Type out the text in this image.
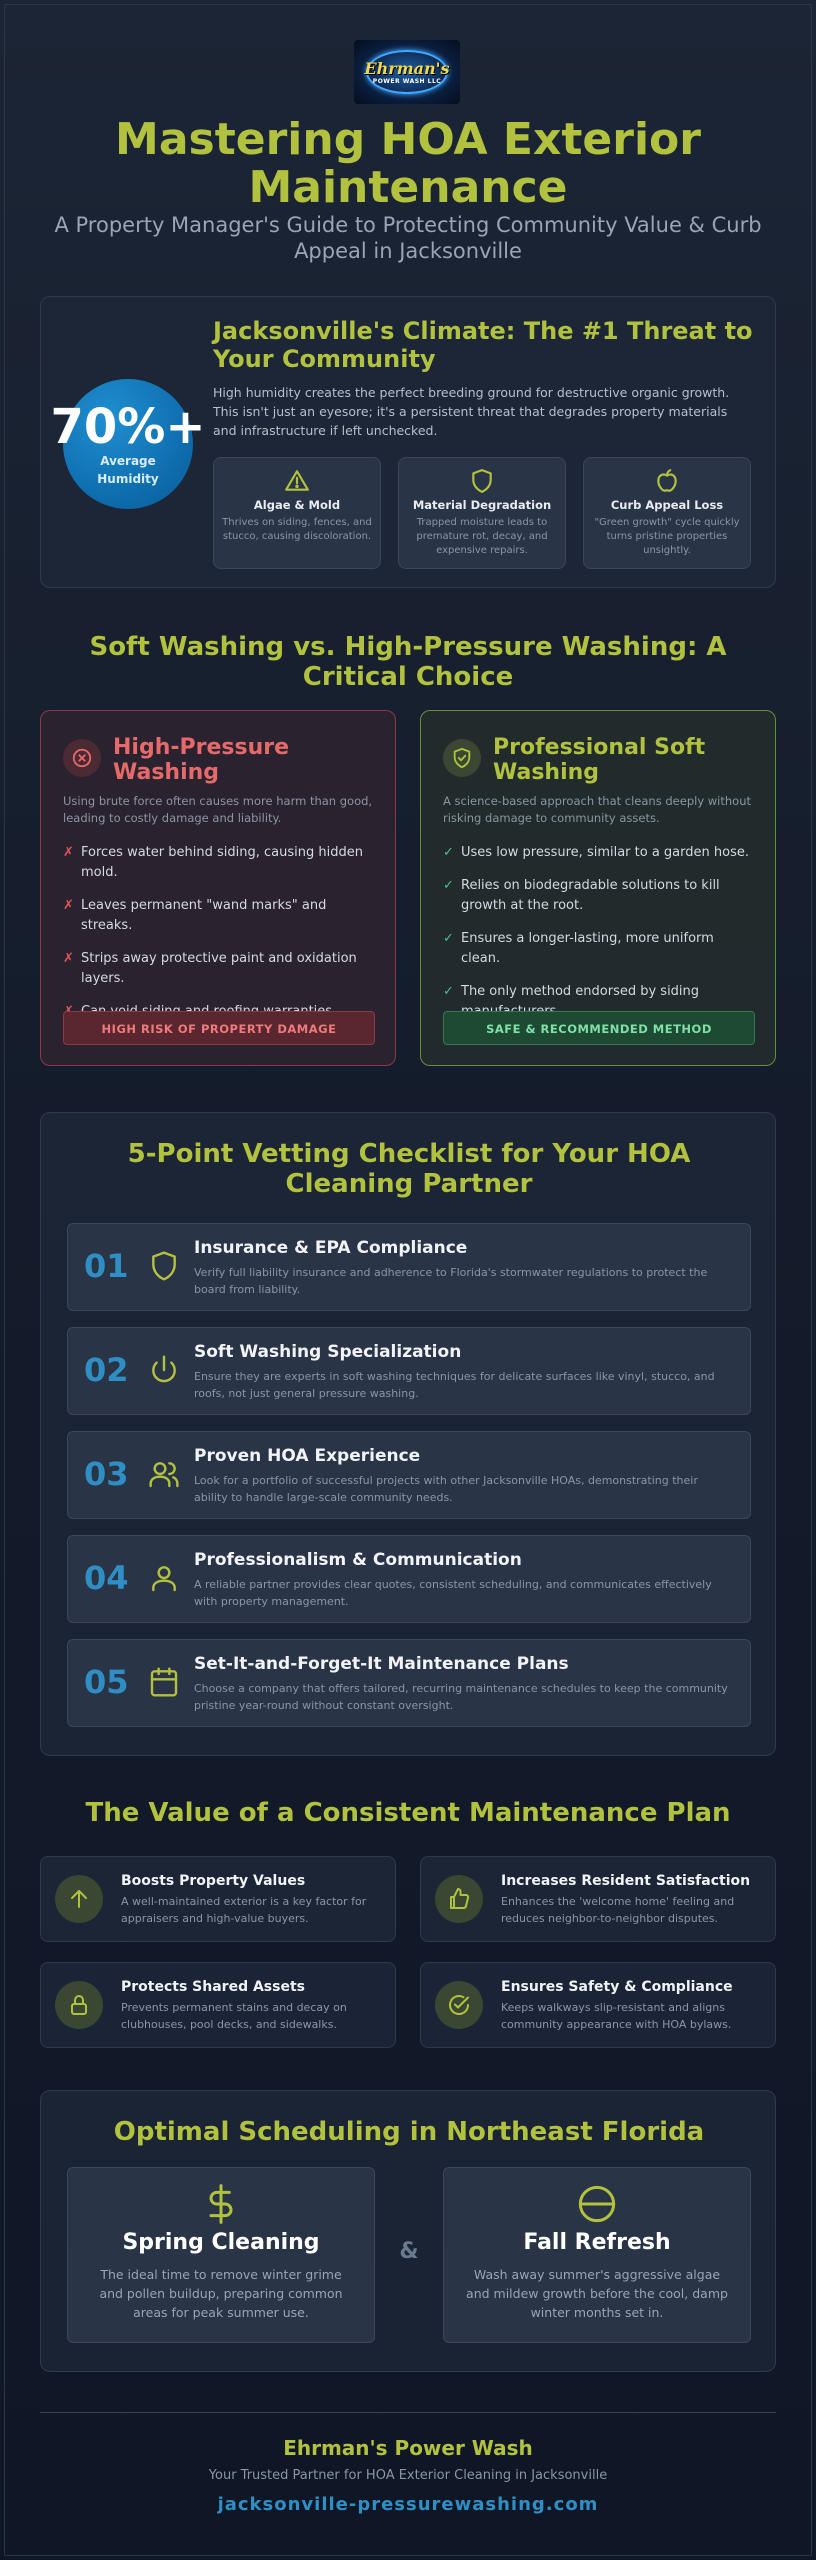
Ehrman's
POWER WASH LLC
Mastering HOA Exterior Maintenance

A Property Manager's Guide to Protecting Community Value & Curb Appeal in Jacksonville

70%+
Average Humidity
Jacksonville's Climate: The #1 Threat to Your Community

High humidity creates the perfect breeding ground for destructive organic growth. This isn't just an eyesore; it's a persistent threat that degrades property materials and infrastructure if left unchecked.

Algae & Mold
Thrives on siding, fences, and stucco, causing discoloration.
Material Degradation
Trapped moisture leads to premature rot, decay, and expensive repairs.
Curb Appeal Loss
"Green growth" cycle quickly turns pristine properties unsightly.
Soft Washing vs. High-Pressure Washing: A Critical Choice
High-Pressure Washing

Using brute force often causes more harm than good, leading to costly damage and liability.

✗ Forces water behind siding, causing hidden mold.
✗ Leaves permanent "wand marks" and streaks.
✗ Strips away protective paint and oxidation layers.
HIGH RISK OF PROPERTY DAMAGE
Professional Soft Washing

A science-based approach that cleans deeply without risking damage to community assets.

✓ Uses low pressure, similar to a garden hose.
✓ Relies on biodegradable solutions to kill growth at the root.
✓ Ensures a longer-lasting, more uniform clean.
✓ The only method endorsed by siding
SAFE & RECOMMENDED METHOD
5-Point Vetting Checklist for Your HOA Cleaning Partner
01	Insurance & EPA Compliance
Verify full liability insurance and adherence to Florida's stormwater regulations to protect the board from liability.
02	Soft Washing Specialization
Ensure they are experts in soft washing techniques for delicate surfaces like vinyl, stucco, and roofs, not just general pressure washing.
03	Proven HOA Experience
Look for a portfolio of successful projects with other Jacksonville HOAs, demonstrating their ability to handle large-scale community needs.
04	Professionalism & Communication
A reliable partner provides clear quotes, consistent scheduling, and communicates effectively with property management.
05	Set-It-and-Forget-It Maintenance Plans
Choose a company that offers tailored, recurring maintenance schedules to keep the community pristine year-round without constant oversight.
The Value of a Consistent Maintenance Plan
Boosts Property Values
A well-maintained exterior is a key factor for appraisers and high-value buyers.
Increases Resident Satisfaction
Enhances the 'welcome home' feeling and reduces neighbor-to-neighbor disputes.
Protects Shared Assets
Prevents permanent stains and decay on clubhouses, pool decks, and sidewalks.
Ensures Safety & Compliance
Keeps walkways slip-resistant and aligns community appearance with HOA bylaws.
Optimal Scheduling in Northeast Florida
Spring Cleaning
The ideal time to remove winter grime and pollen buildup, preparing common areas for peak summer use.
&	Fall Refresh
Wash away summer's aggressive algae and mildew growth before the cool, damp winter months set in.
Ehrman's Power Wash
Your Trusted Partner for HOA Exterior Cleaning in Jacksonville
jacksonville-pressurewashing.com
